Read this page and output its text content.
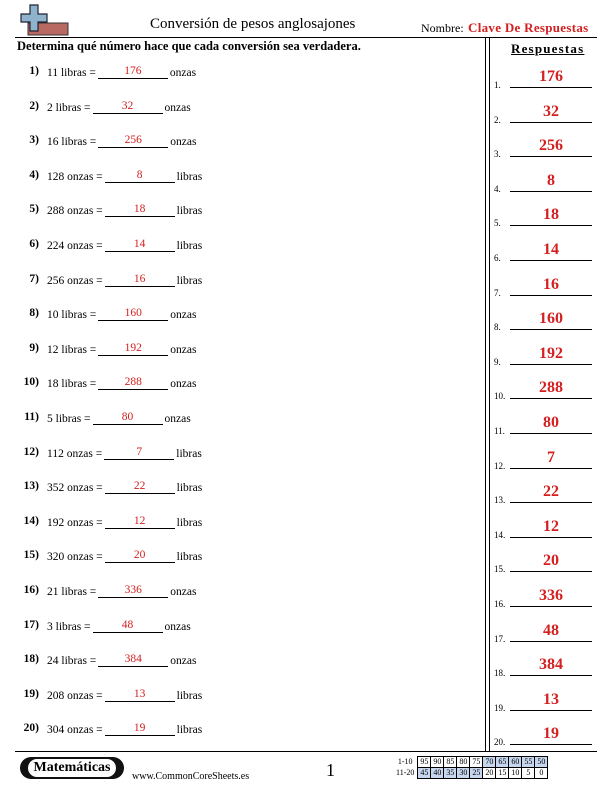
Conversión de pesos anglosajones	Nombre: Clave De Respuestas
Determina qué número hace que cada conversión sea verdadera.	Respuestas
1) 11 libras =	176	onzas
2) 2 libras =	32	onzas
3) 16 libras =	256	onzas
4) 128 onzas =	8	libras
5) 288 onzas =	18	libras
6) 224 onzas =	14	libras
7) 256 onzas =	16	libras
8) 10 libras =	160	onzas
9) 12 libras =	192	onzas
10) 18 libras =	288	onzas
11) 5 libras =	80	onzas
12) 112 onzas =	7	libras
13) 352 onzas =	22	libras
14) 192 onzas =	12	libras
15) 320 onzas =	20	libras
16) 21 libras =	336	onzas
17) 3 libras =	48	onzas
18) 24 libras =	384	onzas
19) 208 onzas =	13	libras
20) 304 onzas =	19	libras
1.	176
2.	32
3.	256
4.	8
5.	18
6.	14
7.	16
8.	160
9.	192
10.	288
11.	80
12.	7
13.	22
14.	12
15.	20
16.	336
17.	48
18.	384
19.	13
20.	19
Matemáticas
www.CommonCoreSheets.es	1	1-10	95	90	85	80	75	70	65	60	55	50
11-20	45	40	35	30	25	20	15	10	5	0
